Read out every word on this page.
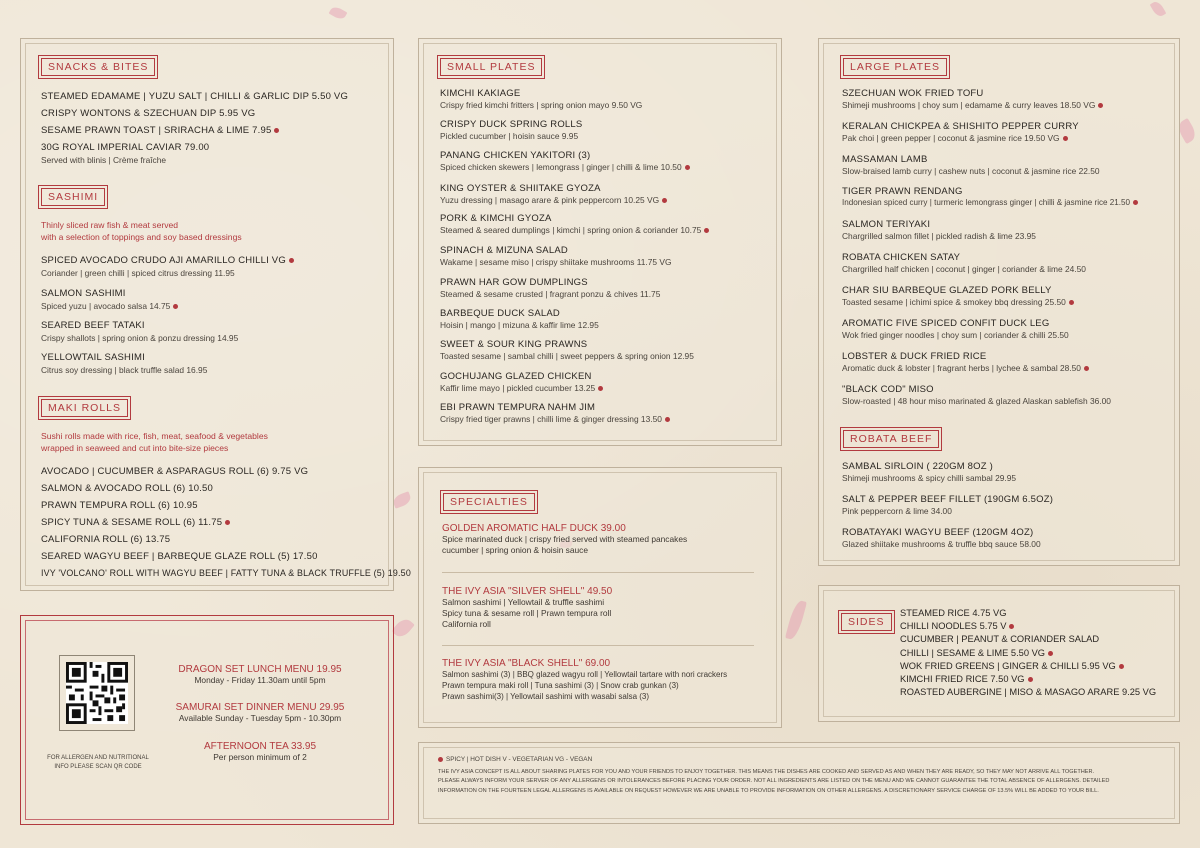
SNACKS & BITES
STEAMED EDAMAME | YUZU SALT | CHILLI & GARLIC DIP 5.50 VG
CRISPY WONTONS & SZECHUAN DIP 5.95 VG
SESAME PRAWN TOAST | SRIRACHA & LIME 7.95
30G ROYAL IMPERIAL CAVIAR 79.00
Served with blinis | Crème fraîche
SASHIMI
Thinly sliced raw fish & meat served
with a selection of toppings and soy based dressings
SPICED AVOCADO CRUDO AJI AMARILLO CHILLI VG
Coriander | green chilli | spiced citrus dressing 11.95
SALMON SASHIMI
Spiced yuzu | avocado salsa 14.75
SEARED BEEF TATAKI
Crispy shallots | spring onion & ponzu dressing 14.95
YELLOWTAIL SASHIMI
Citrus soy dressing | black truffle salad 16.95
MAKI ROLLS
Sushi rolls made with rice, fish, meat, seafood & vegetables
wrapped in seaweed and cut into bite-size pieces
AVOCADO | CUCUMBER & ASPARAGUS ROLL (6) 9.75 VG
SALMON & AVOCADO ROLL (6) 10.50
PRAWN TEMPURA ROLL (6) 10.95
SPICY TUNA & SESAME ROLL (6) 11.75
CALIFORNIA ROLL (6) 13.75
SEARED WAGYU BEEF | BARBEQUE GLAZE ROLL (5) 17.50
IVY 'VOLCANO' ROLL WITH WAGYU BEEF | FATTY TUNA & BLACK TRUFFLE (5) 19.50
FOR ALLERGEN AND NUTRITIONAL
INFO PLEASE SCAN QR CODE
DRAGON SET LUNCH MENU 19.95
Monday - Friday 11.30am until 5pm
SAMURAI SET DINNER MENU 29.95
Available Sunday - Tuesday 5pm - 10.30pm
AFTERNOON TEA 33.95
Per person minimum of 2
SMALL PLATES
KIMCHI KAKIAGE
Crispy fried kimchi fritters | spring onion mayo 9.50 VG
CRISPY DUCK SPRING ROLLS
Pickled cucumber | hoisin sauce 9.95
PANANG CHICKEN YAKITORI (3)
Spiced chicken skewers | lemongrass | ginger | chilli & lime 10.50
KING OYSTER & SHIITAKE GYOZA
Yuzu dressing | masago arare & pink peppercorn 10.25 VG
PORK & KIMCHI GYOZA
Steamed & seared dumplings | kimchi | spring onion & coriander 10.75
SPINACH & MIZUNA SALAD
Wakame | sesame miso | crispy shiitake mushrooms 11.75 VG
PRAWN HAR GOW DUMPLINGS
Steamed & sesame crusted | fragrant ponzu & chives 11.75
BARBEQUE DUCK SALAD
Hoisin | mango | mizuna & kaffir lime 12.95
SWEET & SOUR KING PRAWNS
Toasted sesame | sambal chilli | sweet peppers & spring onion 12.95
GOCHUJANG GLAZED CHICKEN
Kaffir lime mayo | pickled cucumber 13.25
EBI PRAWN TEMPURA NAHM JIM
Crispy fried tiger prawns | chilli lime & ginger dressing 13.50
SPECIALTIES
GOLDEN AROMATIC HALF DUCK 39.00
Spice marinated duck | crispy fried served with steamed pancakes
cucumber | spring onion & hoisin sauce
THE IVY ASIA "SILVER SHELL" 49.50
Salmon sashimi | Yellowtail & truffle sashimi
Spicy tuna & sesame roll | Prawn tempura roll
California roll
THE IVY ASIA "BLACK SHELL" 69.00
Salmon sashimi (3) | BBQ glazed wagyu roll | Yellowtail tartare with nori crackers
Prawn tempura maki roll | Tuna sashimi (3) | Snow crab gunkan (3)
Prawn sashimi(3) | Yellowtail sashimi with wasabi salsa (3)
LARGE PLATES
SZECHUAN WOK FRIED TOFU
Shimeji mushrooms | choy sum | edamame & curry leaves 18.50 VG
KERALAN CHICKPEA & SHISHITO PEPPER CURRY
Pak choi | green pepper | coconut & jasmine rice 19.50 VG
MASSAMAN LAMB
Slow-braised lamb curry | cashew nuts | coconut & jasmine rice 22.50
TIGER PRAWN RENDANG
Indonesian spiced curry | turmeric lemongrass ginger | chilli & jasmine rice 21.50
SALMON TERIYAKI
Chargrilled salmon fillet | pickled radish & lime 23.95
ROBATA CHICKEN SATAY
Chargrilled half chicken | coconut | ginger | coriander & lime 24.50
CHAR SIU BARBEQUE GLAZED PORK BELLY
Toasted sesame | ichimi spice & smokey bbq dressing 25.50
AROMATIC FIVE SPICED CONFIT DUCK LEG
Wok fried ginger noodles | choy sum | coriander & chilli 25.50
LOBSTER & DUCK FRIED RICE
Aromatic duck & lobster | fragrant herbs | lychee & sambal 28.50
"BLACK COD" MISO
Slow-roasted | 48 hour miso marinated & glazed Alaskan sablefish 36.00
ROBATA BEEF
SAMBAL SIRLOIN ( 220GM 8OZ )
Shimeji mushrooms & spicy chilli sambal 29.95
SALT & PEPPER BEEF FILLET (190GM 6.5OZ)
Pink peppercorn & lime 34.00
ROBATAYAKI WAGYU BEEF (120GM 4OZ)
Glazed shiitake mushrooms & truffle bbq sauce 58.00
SIDES
STEAMED RICE 4.75 VG
CHILLI NOODLES 5.75 V
CUCUMBER | PEANUT & CORIANDER SALAD
CHILLI | SESAME & LIME 5.50 VG
WOK FRIED GREENS | GINGER & CHILLI 5.95 VG
KIMCHI FRIED RICE 7.50 VG
ROASTED AUBERGINE | MISO & MASAGO ARARE 9.25 VG
SPICY | HOT DISH V - VEGETARIAN VG - VEGAN
THE IVY ASIA CONCEPT IS ALL ABOUT SHARING PLATES FOR YOU AND YOUR FRIENDS TO ENJOY TOGETHER. THIS MEANS THE DISHES ARE COOKED AND SERVED AS AND WHEN THEY ARE READY, SO THEY MAY NOT ARRIVE ALL TOGETHER.
PLEASE ALWAYS INFORM YOUR SERVER OF ANY ALLERGENS OR INTOLERANCES BEFORE PLACING YOUR ORDER. NOT ALL INGREDIENTS ARE LISTED ON THE MENU AND WE CANNOT GUARANTEE THE TOTAL ABSENCE OF ALLERGENS. DETAILED
INFORMATION ON THE FOURTEEN LEGAL ALLERGENS IS AVAILABLE ON REQUEST HOWEVER WE ARE UNABLE TO PROVIDE INFORMATION ON OTHER ALLERGENS. A DISCRETIONARY SERVICE CHARGE OF 13.5% WILL BE ADDED TO YOUR BILL.
